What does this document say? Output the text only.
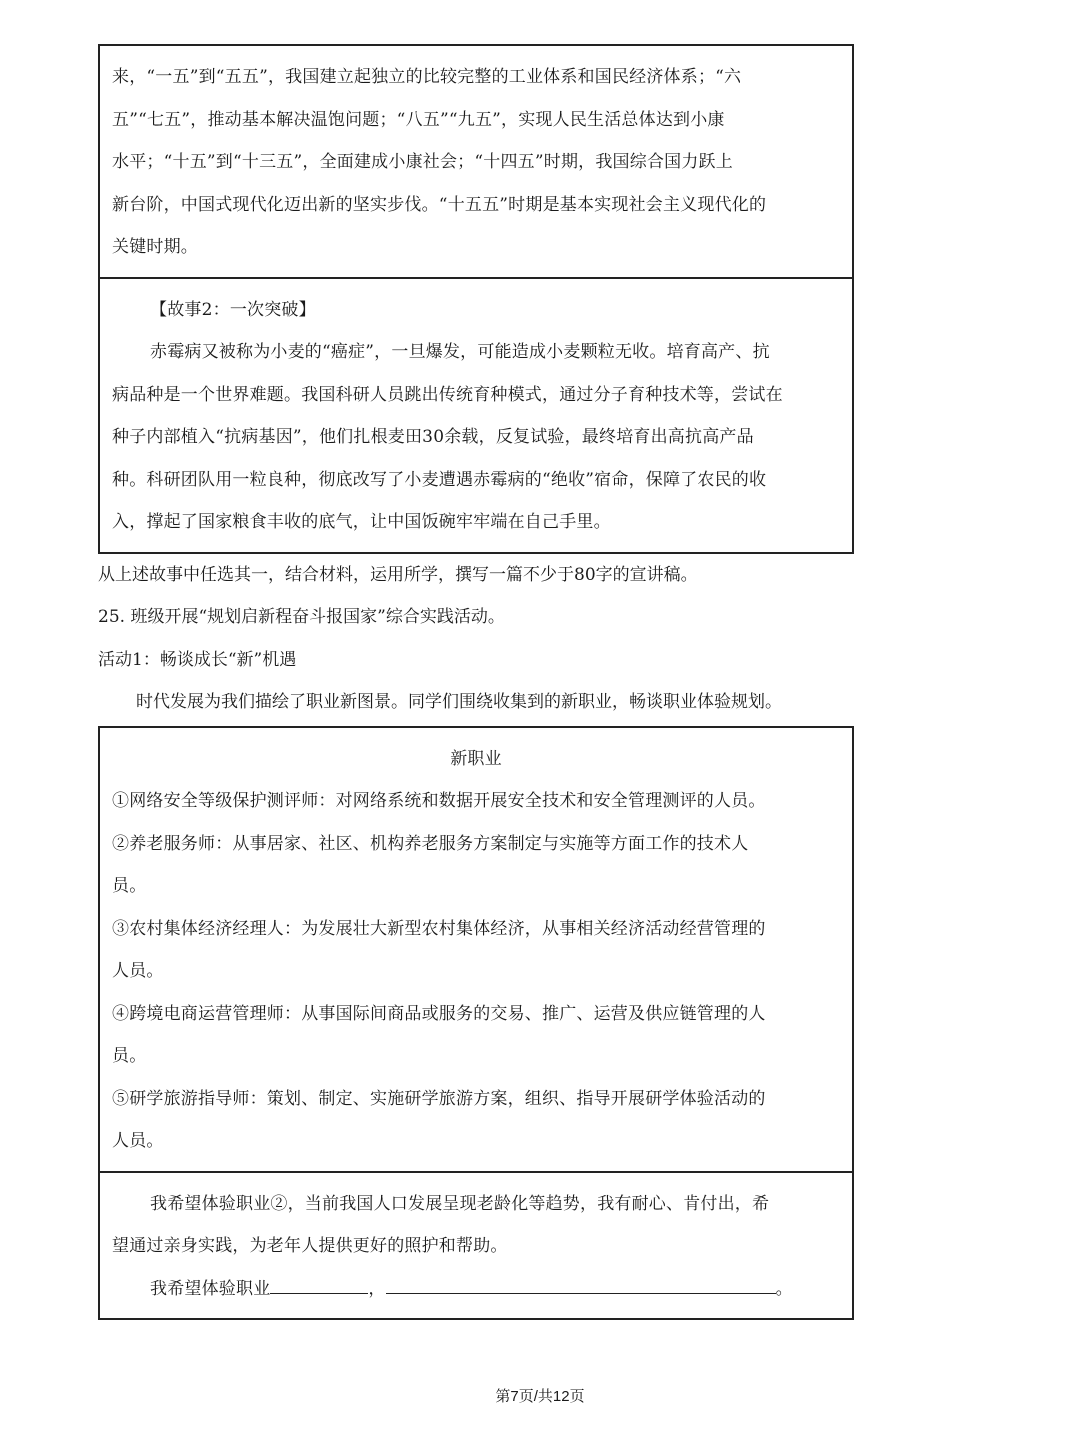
来，“一五”到“五五”，我国建立起独立的比较完整的工业体系和国民经济体系；“六
五”“七五”，推动基本解决温饱问题；“八五”“九五”，实现人民生活总体达到小康
水平；“十五”到“十三五”，全面建成小康社会；“十四五”时期，我国综合国力跃上
新台阶，中国式现代化迈出新的坚实步伐。“十五五”时期是基本实现社会主义现代化的
关键时期。
【故事2：一次突破】
赤霉病又被称为小麦的“癌症”，一旦爆发，可能造成小麦颗粒无收。培育高产、抗
病品种是一个世界难题。我国科研人员跳出传统育种模式，通过分子育种技术等，尝试在
种子内部植入“抗病基因”，他们扎根麦田30余载，反复试验，最终培育出高抗高产品
种。科研团队用一粒良种，彻底改写了小麦遭遇赤霉病的“绝收”宿命，保障了农民的收
入，撑起了国家粮食丰收的底气，让中国饭碗牢牢端在自己手里。
从上述故事中任选其一，结合材料，运用所学，撰写一篇不少于80字的宣讲稿。
25. 班级开展“规划启新程奋斗报国家”综合实践活动。
活动1：畅谈成长“新”机遇
时代发展为我们描绘了职业新图景。同学们围绕收集到的新职业，畅谈职业体验规划。
新职业
①网络安全等级保护测评师：对网络系统和数据开展安全技术和安全管理测评的人员。
②养老服务师：从事居家、社区、机构养老服务方案制定与实施等方面工作的技术人
员。
③农村集体经济经理人：为发展壮大新型农村集体经济，从事相关经济活动经营管理的
人员。
④跨境电商运营管理师：从事国际间商品或服务的交易、推广、运营及供应链管理的人
员。
⑤研学旅游指导师：策划、制定、实施研学旅游方案，组织、指导开展研学体验活动的
人员。
我希望体验职业②，当前我国人口发展呈现老龄化等趋势，我有耐心、肯付出，希
望通过亲身实践，为老年人提供更好的照护和帮助。
我希望体验职业	，	。
第7页/共12页
